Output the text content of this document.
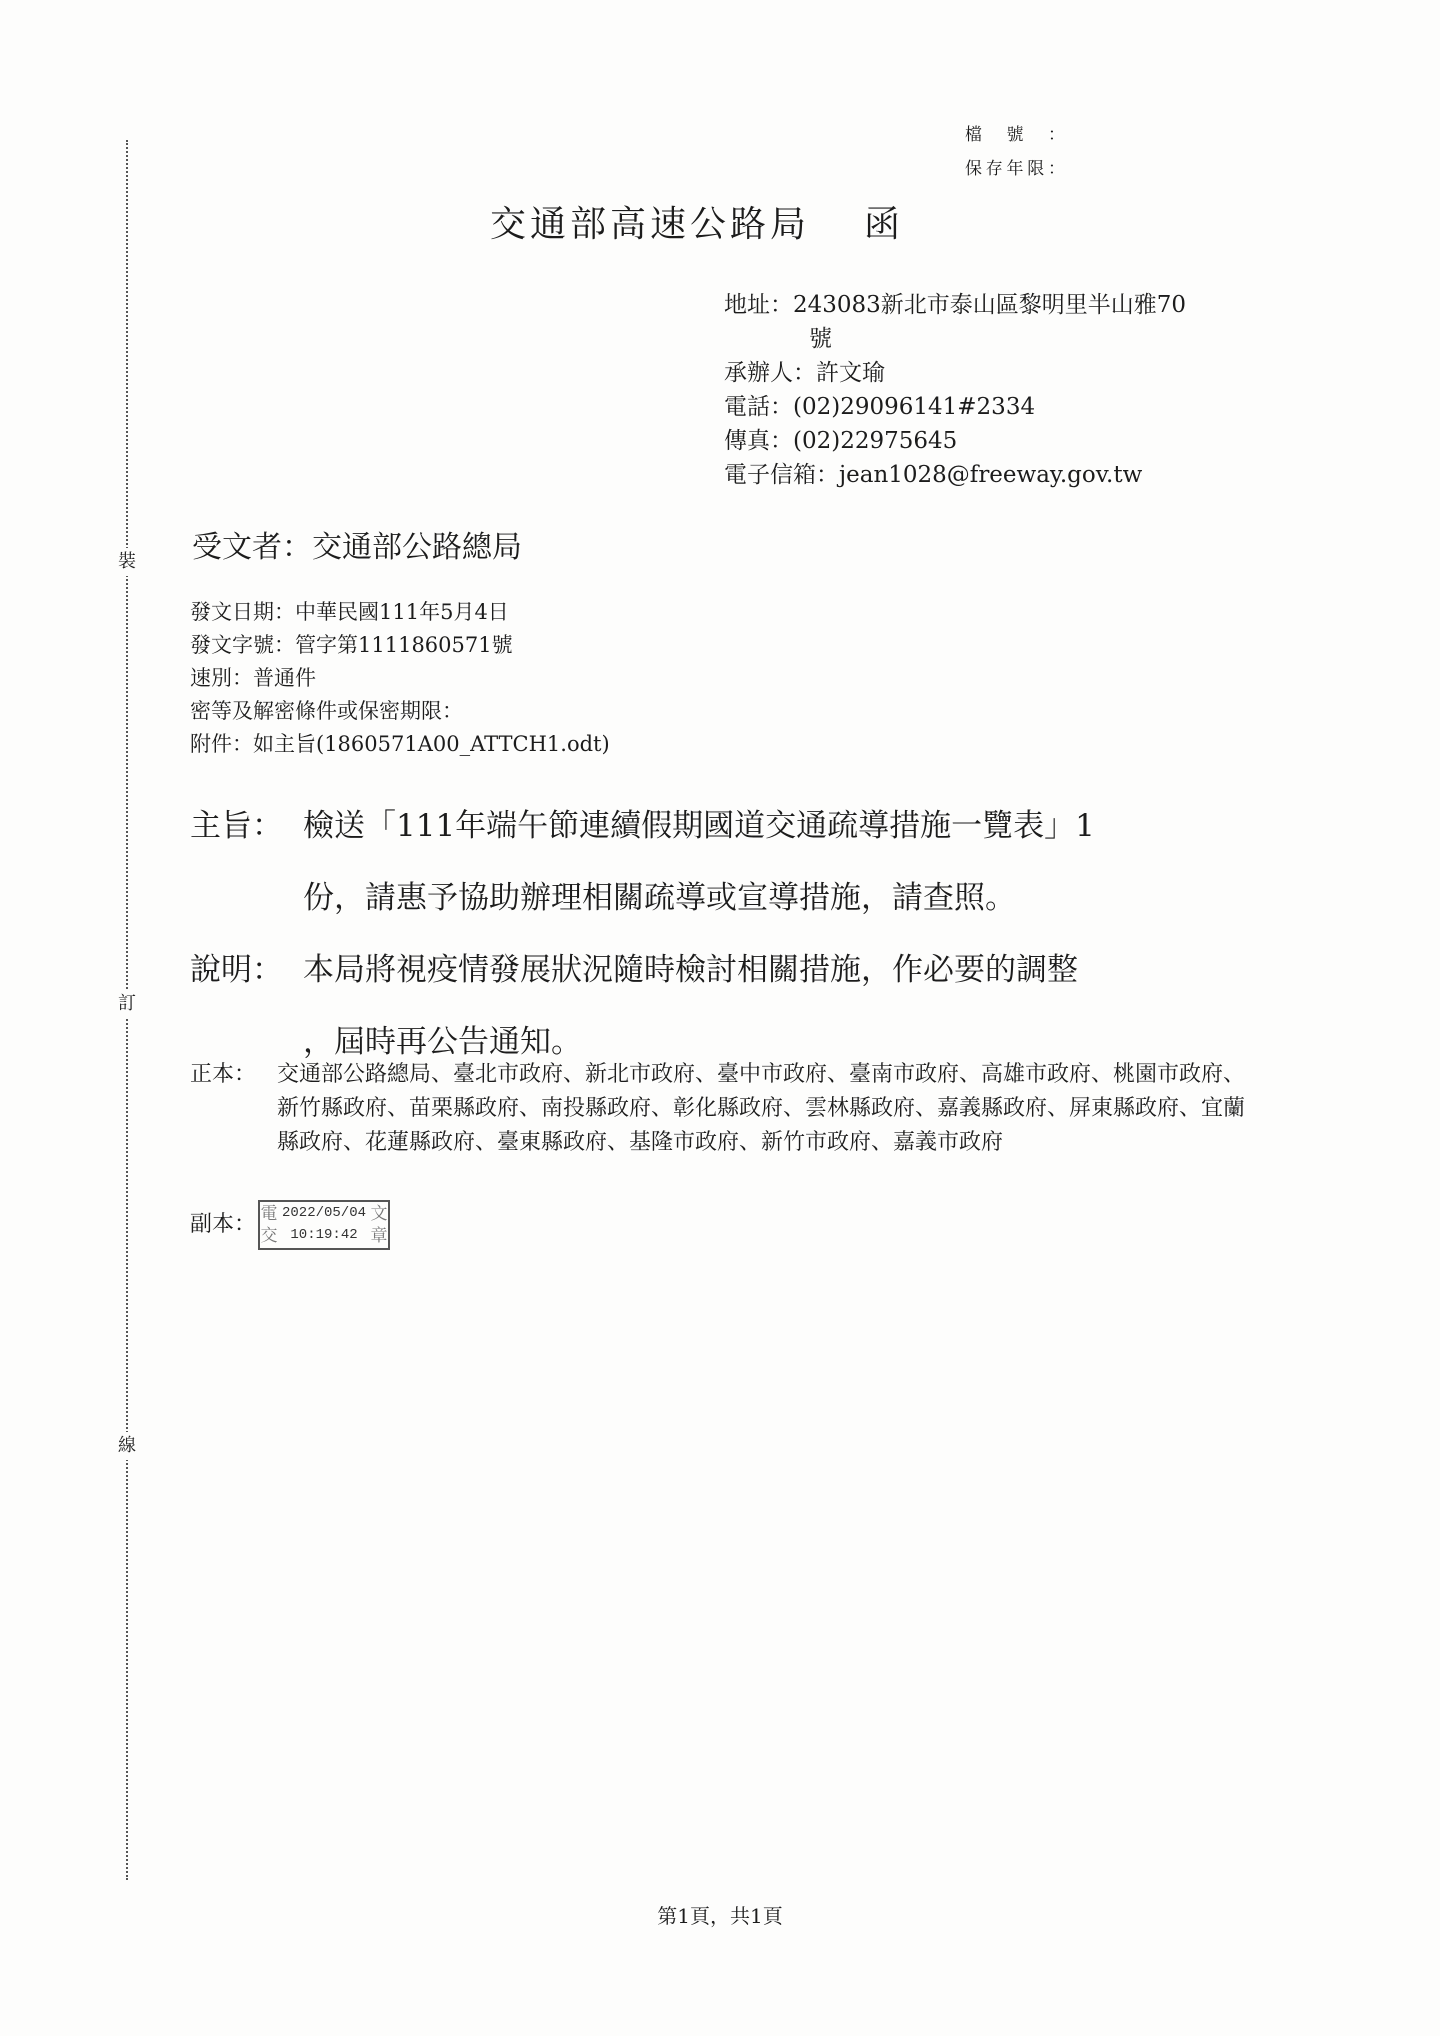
裝
訂
線
檔號：
保存年限：
交通部高速公路局 函
地址：243083新北市泰山區黎明里半山雅70
號
承辦人：許文瑜
電話：(02)29096141#2334
傳真：(02)22975645
電子信箱：jean1028@freeway.gov.tw
受文者：交通部公路總局
發文日期：中華民國111年5月4日
發文字號：管字第1111860571號
速別：普通件
密等及解密條件或保密期限：
附件：如主旨(1860571A00_ATTCH1.odt)
主旨： 檢送「111年端午節連續假期國道交通疏導措施一覽表」1
份，請惠予協助辦理相關疏導或宣導措施，請查照。
說明： 本局將視疫情發展狀況隨時檢討相關措施，作必要的調整
，屆時再公告通知。
正本： 交通部公路總局、臺北市政府、新北市政府、臺中市政府、臺南市政府、高雄市政府、桃園市政府、新竹縣政府、苗栗縣政府、南投縣政府、彰化縣政府、雲林縣政府、嘉義縣政府、屏東縣政府、宜蘭縣政府、花蓮縣政府、臺東縣政府、基隆市政府、新竹市政府、嘉義市政府
副本： 電
交
文
章
2022/05/04
10:19:42
第1頁，共1頁
